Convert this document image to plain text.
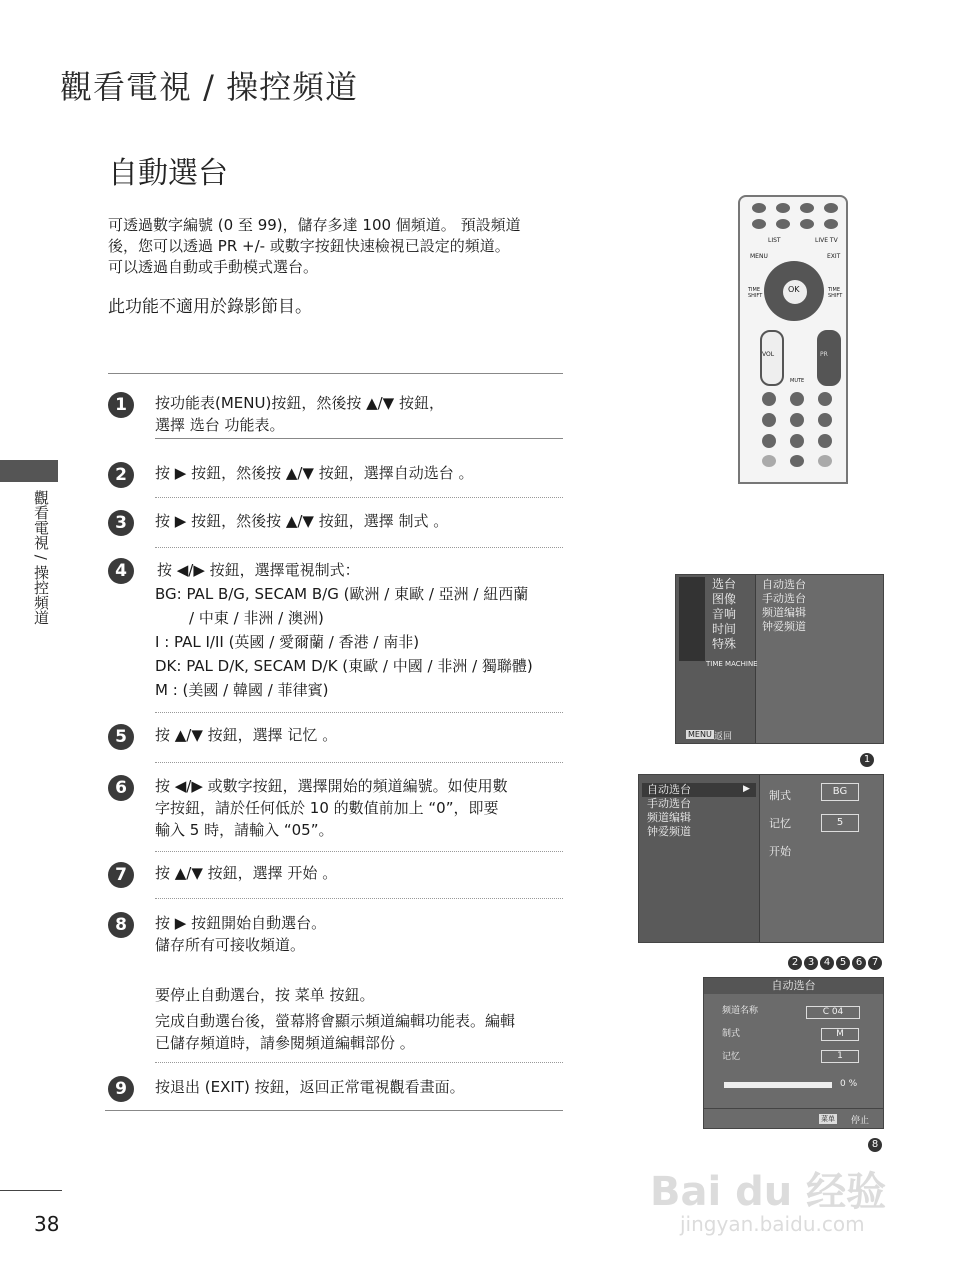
觀看電視 / 操控頻道
自動選台
可透過數字編號 (0 至 99)，儲存多達 100 個頻道。 預設頻道
後，您可以透過 PR +/- 或數字按鈕快速檢視已設定的頻道。
可以透過自動或手動模式選台。
此功能不適用於錄影節目。
觀看電視 / 操控頻道
1	按功能表(MENU)按鈕，然後按 ▲/▼ 按鈕，
選擇 选台 功能表。
2	按 ▶ 按鈕，然後按 ▲/▼ 按鈕，選擇自动选台 。
3	按 ▶ 按鈕，然後按 ▲/▼ 按鈕，選擇 制式 。
4	按 ◀/▶ 按鈕，選擇電視制式：
BG: PAL B/G, SECAM B/G (歐洲 / 東歐 / 亞洲 / 紐西蘭
/ 中東 / 非洲 / 澳洲)
I : PAL I/II (英國 / 愛爾蘭 / 香港 / 南非)
DK: PAL D/K, SECAM D/K (東歐 / 中國 / 非洲 / 獨聯體)
M : (美國 / 韓國 / 菲律賓)
5	按 ▲/▼ 按鈕，選擇 记忆 。
6	按 ◀/▶ 或數字按鈕，選擇開始的頻道編號。如使用數
字按鈕，請於任何低於 10 的數值前加上 “0”，即要
輸入 5 時，請輸入 “05”。
7	按 ▲/▼ 按鈕，選擇 开始 。
8	按 ▶ 按鈕開始自動選台。
儲存所有可接收頻道。
要停止自動選台，按 菜单 按鈕。
完成自動選台後，螢幕將會顯示頻道編輯功能表。編輯
已儲存頻道時，請參閱頻道編輯部份 。
9	按退出 (EXIT) 按鈕，返回正常電視觀看畫面。
LIST	LIVE TV
MENU	EXIT
OK
TIME SHIFT
TIME SHIFT
VOL	PR
MUTE
选台
图像
音响
时间
特殊
TIME MACHINE
自动选台
手动选台
频道编辑
钟爱频道
MENU 返回
1
自动选台
手动选台
频道编辑
钟爱频道
▶ 制式	BG
记忆	5
开始
2 3 4 5 6 7
自动选台
频道名称	C 04
制式	M
记忆	1
0 %
菜单 停止
8
38
Bai du 经验
jingyan.baidu.com
